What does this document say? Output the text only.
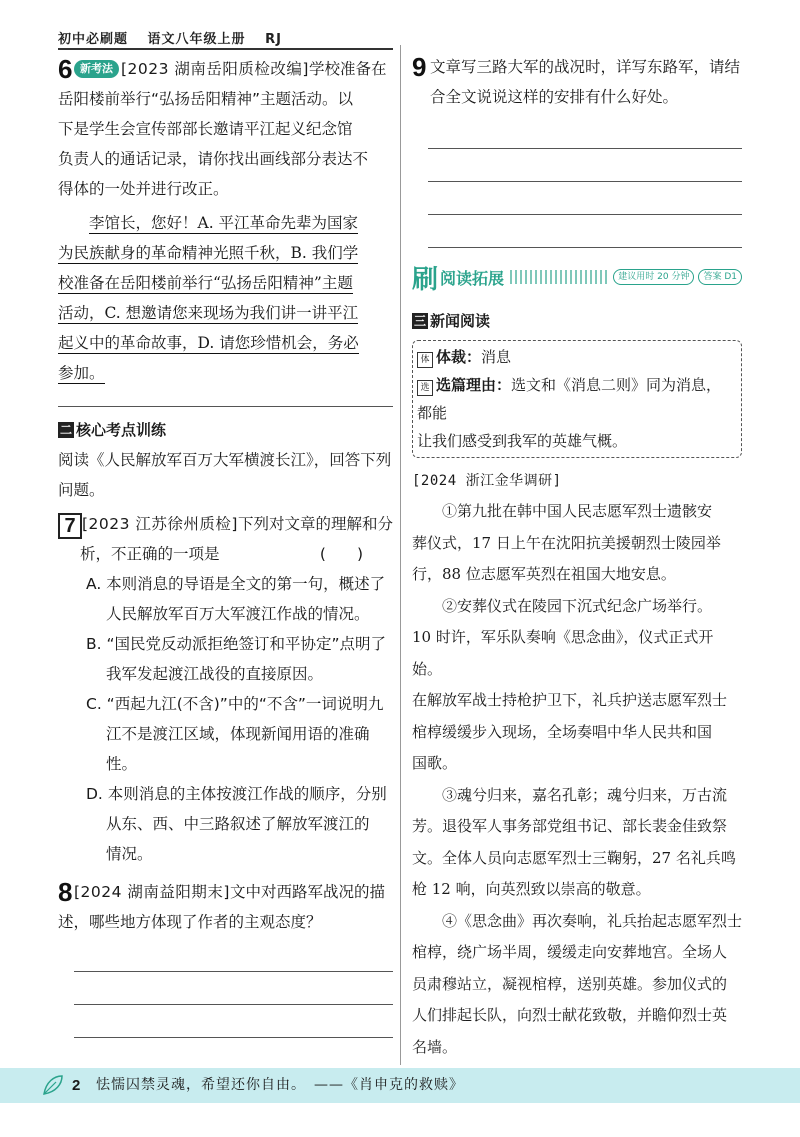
初中必刷题 语文八年级上册 RJ
6 新考法 [2023 湖南岳阳质检改编]学校准备在
岳阳楼前举行“弘扬岳阳精神”主题活动。以
下是学生会宣传部部长邀请平江起义纪念馆
负责人的通话记录，请你找出画线部分表达不
得体的一处并进行改正。
李馆长，您好！A. 平江革命先辈为国家
为民族献身的革命精神光照千秋，B. 我们学
校准备在岳阳楼前举行“弘扬岳阳精神”主题
活动，C. 想邀请您来现场为我们讲一讲平江
起义中的革命故事，D. 请您珍惜机会，务必
参加。
二 核心考点训练
阅读《人民解放军百万大军横渡长江》，回答下列
问题。
7 [2023 江苏徐州质检]下列对文章的理解和分
析，不正确的一项是	(　　)
A. 本则消息的导语是全文的第一句，概述了
人民解放军百万大军渡江作战的情况。
B. “国民党反动派拒绝签订和平协定”点明了
我军发起渡江战役的直接原因。
C. “西起九江(不含)”中的“不含”一词说明九
江不是渡江区域，体现新闻用语的准确性。
D. 本则消息的主体按渡江作战的顺序，分别
从东、西、中三路叙述了解放军渡江的
情况。
8 [2024 湖南益阳期末]文中对西路军战况的描
述，哪些地方体现了作者的主观态度？
9 文章写三路大军的战况时，详写东路军，请结
合全文说说这样的安排有什么好处。
刷 阅读拓展	建议用时 20 分钟	答案 D1
三 新闻阅读
体 体裁：消息
选 选篇理由：选文和《消息二则》同为消息，都能
让我们感受到我军的英雄气概。
[2024 浙江金华调研]
①第九批在韩中国人民志愿军烈士遗骸安
葬仪式，17 日上午在沈阳抗美援朝烈士陵园举
行，88 位志愿军英烈在祖国大地安息。
②安葬仪式在陵园下沉式纪念广场举行。
10 时许，军乐队奏响《思念曲》，仪式正式开始。
在解放军战士持枪护卫下，礼兵护送志愿军烈士
棺椁缓缓步入现场，全场奏唱中华人民共和国
国歌。
③魂兮归来，嘉名孔彰；魂兮归来，万古流
芳。退役军人事务部党组书记、部长裴金佳致祭
文。全体人员向志愿军烈士三鞠躬，27 名礼兵鸣
枪 12 响，向英烈致以崇高的敬意。
④《思念曲》再次奏响，礼兵抬起志愿军烈士
棺椁，绕广场半周，缓缓走向安葬地宫。全场人
员肃穆站立，凝视棺椁，送别英雄。参加仪式的
人们排起长队，向烈士献花致敬，并瞻仰烈士英
名墙。
2 怯懦囚禁灵魂，希望还你自由。　——《肖申克的救赎》
